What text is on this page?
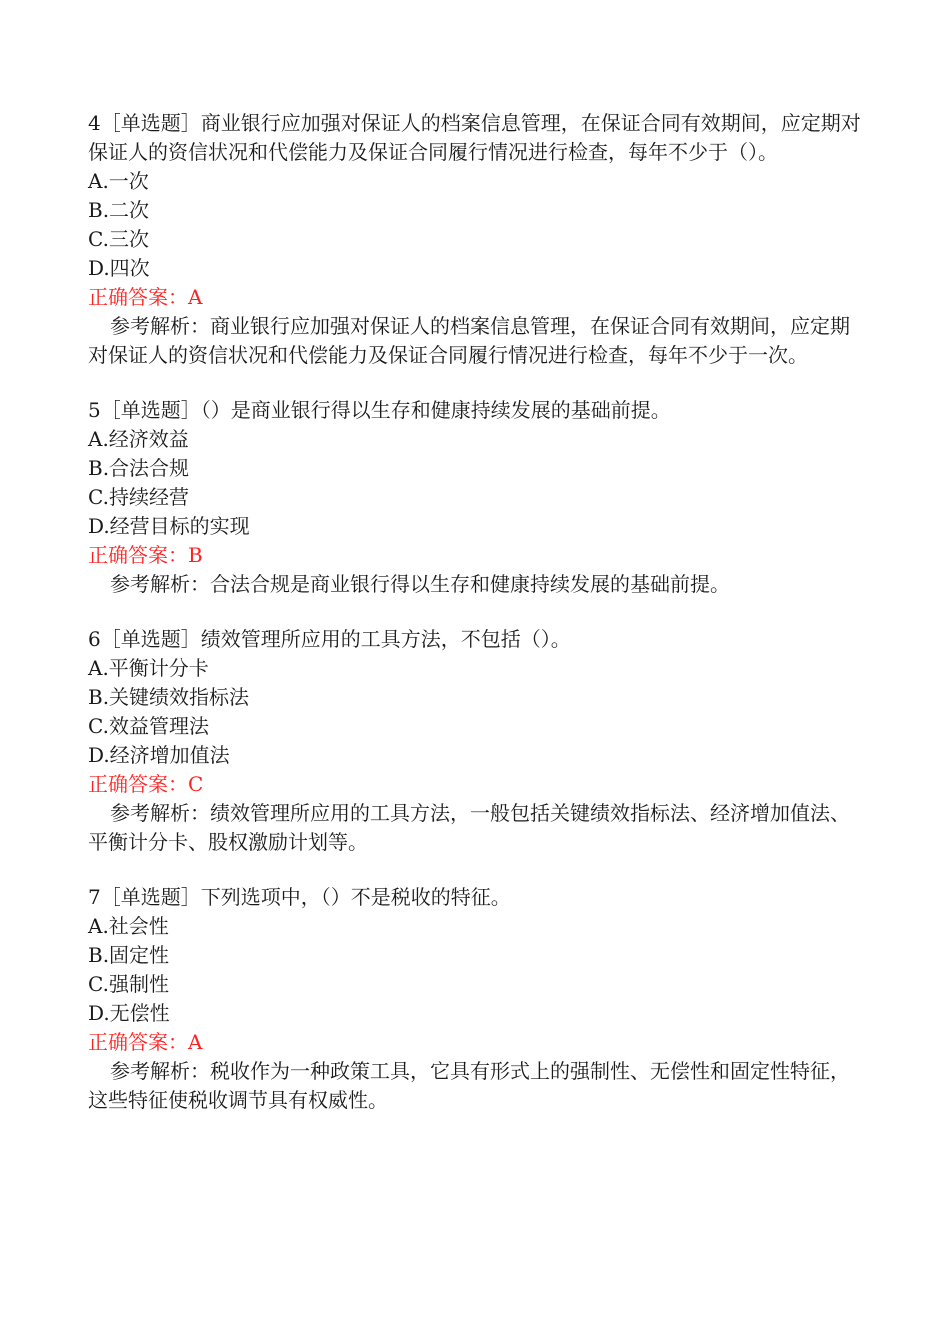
4［单选题］商业银行应加强对保证人的档案信息管理，在保证合同有效期间，应定期对保证人的资信状况和代偿能力及保证合同履行情况进行检查，每年不少于（）。

A.一次

B.二次

C.三次

D.四次

正确答案：A

参考解析：商业银行应加强对保证人的档案信息管理，在保证合同有效期间，应定期对保证人的资信状况和代偿能力及保证合同履行情况进行检查，每年不少于一次。

5［单选题］（）是商业银行得以生存和健康持续发展的基础前提。

A.经济效益

B.合法合规

C.持续经营

D.经营目标的实现

正确答案：B

参考解析：合法合规是商业银行得以生存和健康持续发展的基础前提。

6［单选题］绩效管理所应用的工具方法，不包括（）。

A.平衡计分卡

B.关键绩效指标法

C.效益管理法

D.经济增加值法

正确答案：C

参考解析：绩效管理所应用的工具方法，一般包括关键绩效指标法、经济增加值法、平衡计分卡、股权激励计划等。

7［单选题］下列选项中，（）不是税收的特征。

A.社会性

B.固定性

C.强制性

D.无偿性

正确答案：A

参考解析：税收作为一种政策工具，它具有形式上的强制性、无偿性和固定性特征，这些特征使税收调节具有权威性。
